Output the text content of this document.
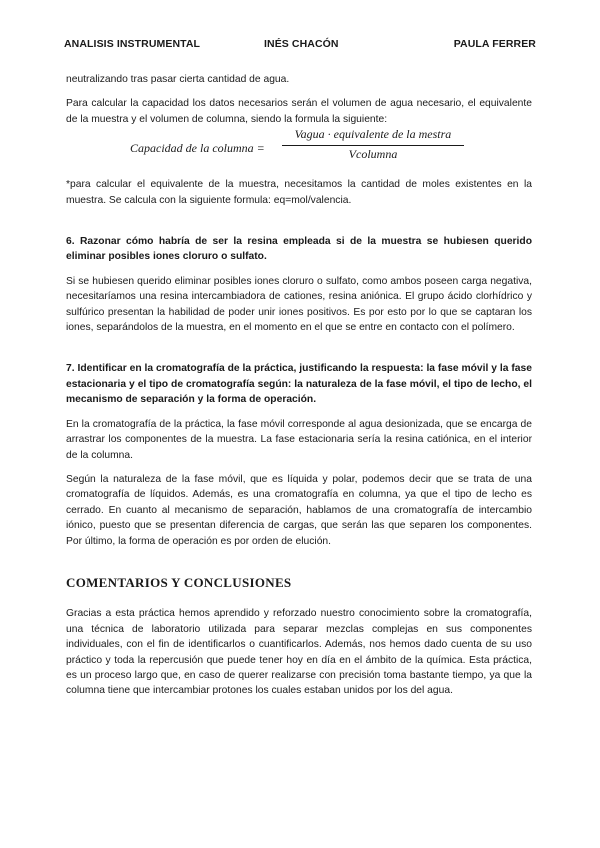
ANALISIS INSTRUMENTAL	INÉS CHACÓN	PAULA FERRER

neutralizando tras pasar cierta cantidad de agua.

Para calcular la capacidad los datos necesarios serán el volumen de agua necesario, el equivalente de la muestra y el volumen de columna, siendo la formula la siguiente:

Capacidad de la columna =
Vagua · equivalente de la mestra
Vcolumna

*para calcular el equivalente de la muestra, necesitamos la cantidad de moles existentes en la muestra. Se calcula con la siguiente formula: eq=mol/valencia.

6. Razonar cómo habría de ser la resina empleada si de la muestra se hubiesen querido eliminar posibles iones cloruro o sulfato.

Si se hubiesen querido eliminar posibles iones cloruro o sulfato, como ambos poseen carga negativa, necesitaríamos una resina intercambiadora de cationes, resina aniónica. El grupo ácido clorhídrico y sulfúrico presentan la habilidad de poder unir iones positivos. Es por esto por lo que se captaran los iones, separándolos de la muestra, en el momento en el que se entre en contacto con el polímero.

7. Identificar en la cromatografía de la práctica, justificando la respuesta: la fase móvil y la fase estacionaria y el tipo de cromatografía según: la naturaleza de la fase móvil, el tipo de lecho, el mecanismo de separación y la forma de operación.

En la cromatografía de la práctica, la fase móvil corresponde al agua desionizada, que se encarga de arrastrar los componentes de la muestra. La fase estacionaria sería la resina catiónica, en el interior de la columna.

Según la naturaleza de la fase móvil, que es líquida y polar, podemos decir que se trata de una cromatografía de líquidos. Además, es una cromatografía en columna, ya que el tipo de lecho es cerrado. En cuanto al mecanismo de separación, hablamos de una cromatografía de intercambio iónico, puesto que se presentan diferencia de cargas, que serán las que separen los componentes. Por último, la forma de operación es por orden de elución.

COMENTARIOS Y CONCLUSIONES

Gracias a esta práctica hemos aprendido y reforzado nuestro conocimiento sobre la cromatografía, una técnica de laboratorio utilizada para separar mezclas complejas en sus componentes individuales, con el fin de identificarlos o cuantificarlos. Además, nos hemos dado cuenta de su uso práctico y toda la repercusión que puede tener hoy en día en el ámbito de la química. Esta práctica, es un proceso largo que, en caso de querer realizarse con precisión toma bastante tiempo, ya que la columna tiene que intercambiar protones los cuales estaban unidos por los del agua.
